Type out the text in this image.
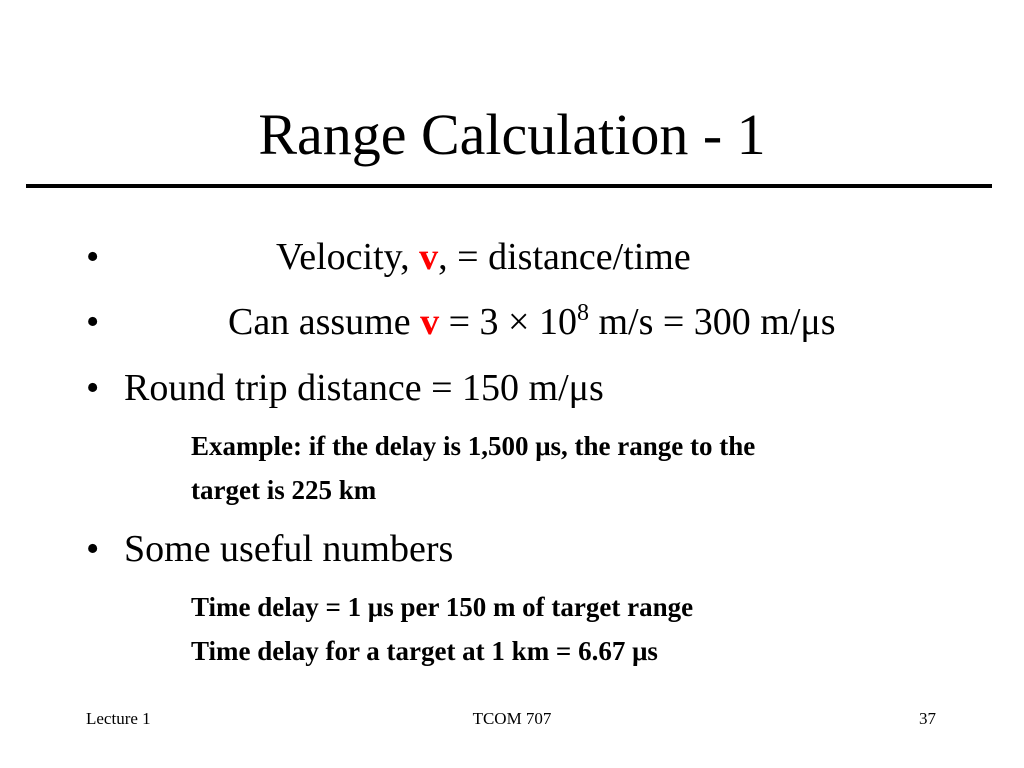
Range Calculation - 1
•	Velocity, v, = distance/time
•	Can assume $v = 3 \times 10^8$ m/s = 300 m/μs
• Round trip distance = 150 m/μs
Example: if the delay is 1,500 μs, the range to the
target is 225 km
• Some useful numbers
Time delay = 1 μs per 150 m of target range
Time delay for a target at 1 km = 6.67 μs
Lecture 1	TCOM 707	37
